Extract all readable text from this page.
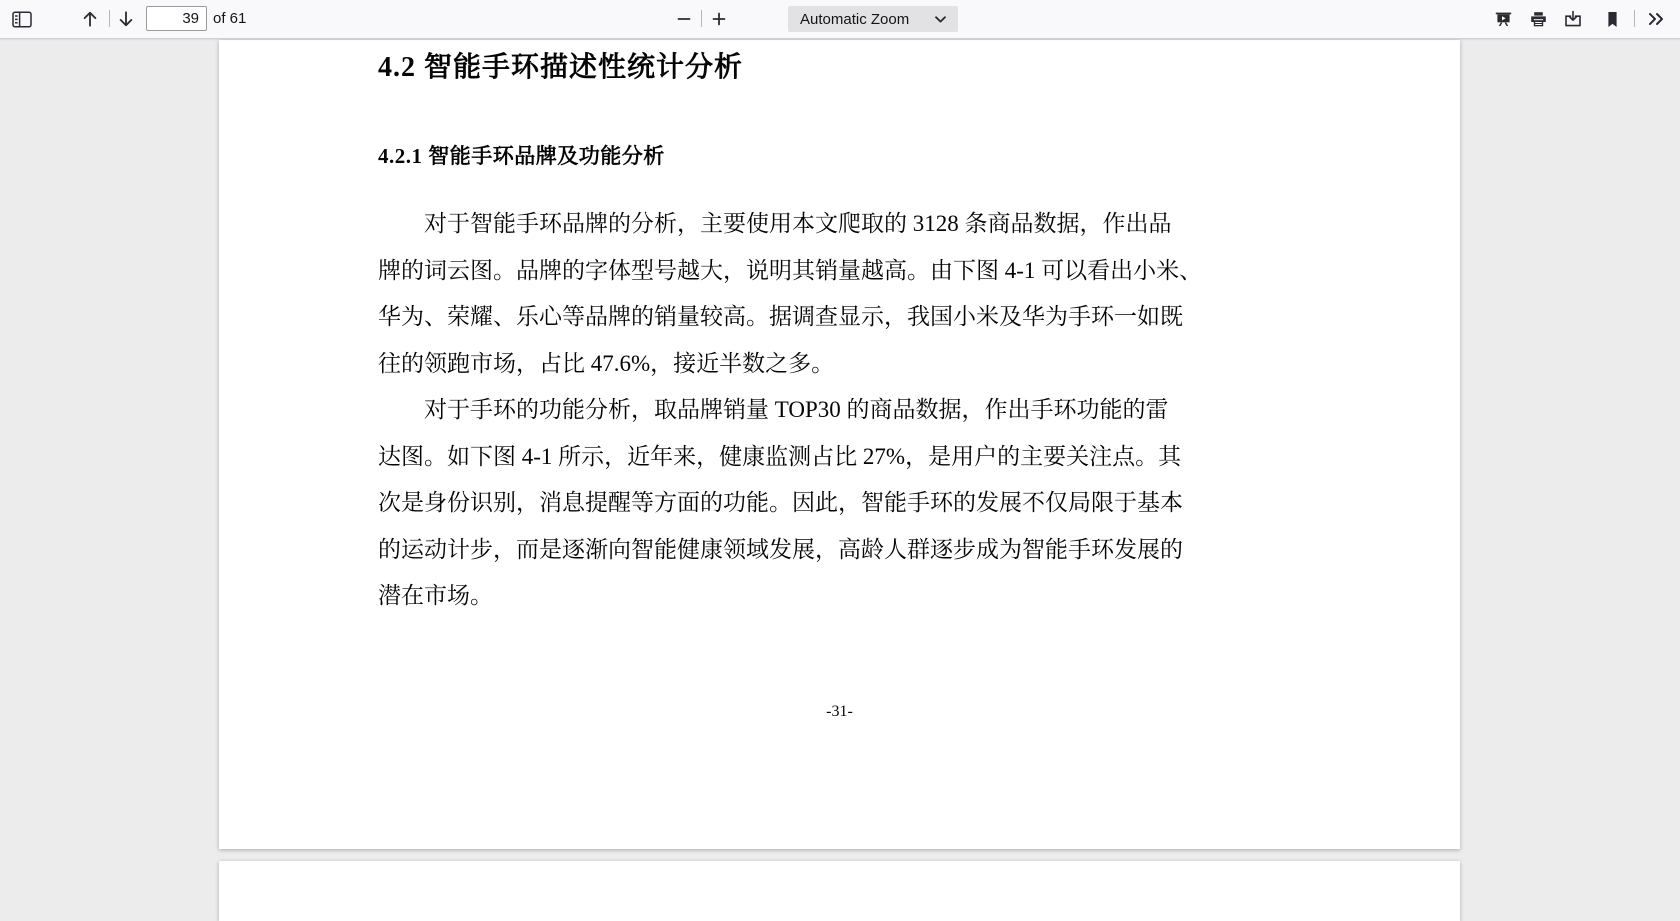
39
of 61	Automatic Zoom
4.2 智能手环描述性统计分析
4.2.1 智能手环品牌及功能分析
对于智能手环品牌的分析，主要使用本文爬取的 3128 条商品数据，作出品
牌的词云图。品牌的字体型号越大，说明其销量越高。由下图 4-1 可以看出小米、
华为、荣耀、乐心等品牌的销量较高。据调查显示，我国小米及华为手环一如既
往的领跑市场，占比 47.6%，接近半数之多。
对于手环的功能分析，取品牌销量 TOP30 的商品数据，作出手环功能的雷
达图。如下图 4-1 所示，近年来，健康监测占比 27%，是用户的主要关注点。其
次是身份识别，消息提醒等方面的功能。因此，智能手环的发展不仅局限于基本
的运动计步，而是逐渐向智能健康领域发展，高龄人群逐步成为智能手环发展的
潜在市场。
-31-
